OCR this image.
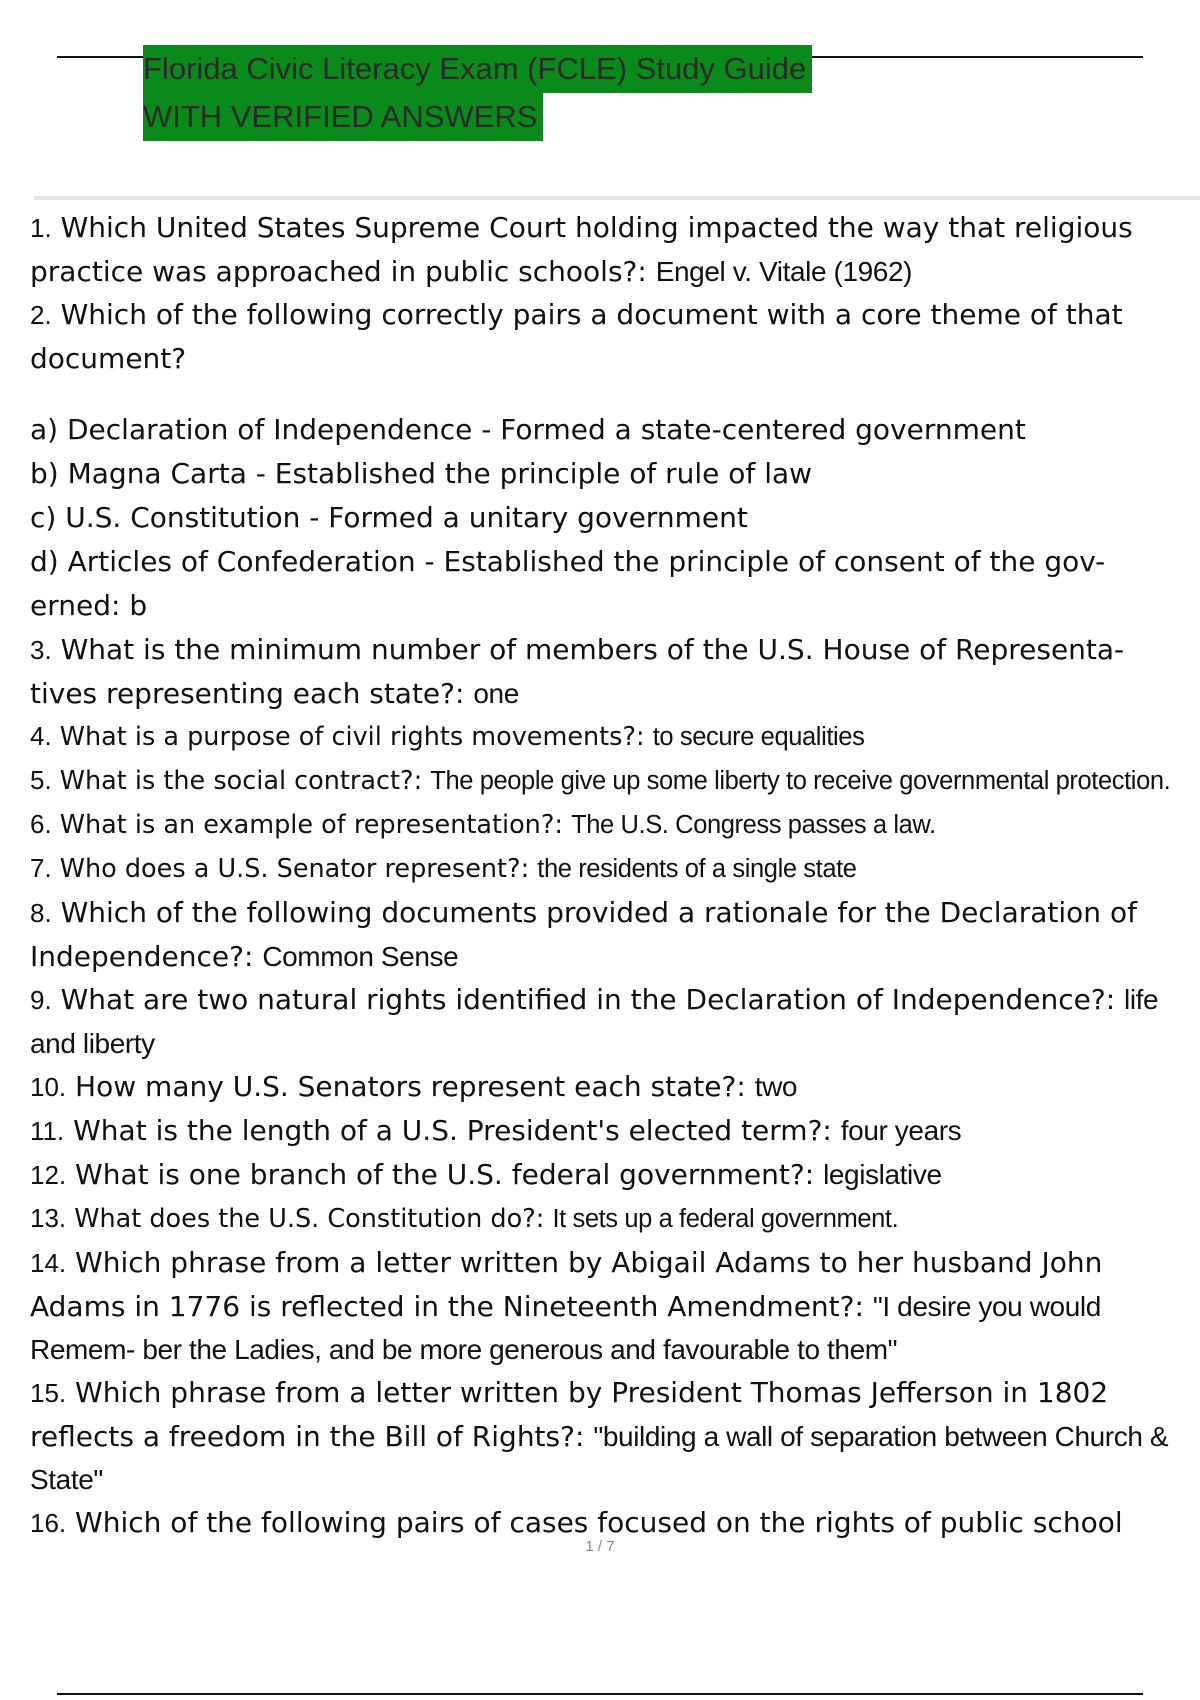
Florida Civic Literacy Exam (FCLE) Study Guide
WITH VERIFIED ANSWERS

1. Which United States Supreme Court holding impacted the way that religious practice was approached in public schools?: Engel v. Vitale (1962)

2. Which of the following correctly pairs a document with a core theme of that document?

a) Declaration of Independence - Formed a state-centered government

b) Magna Carta - Established the principle of rule of law

c) U.S. Constitution - Formed a unitary government

d) Articles of Confederation - Established the principle of consent of the gov- erned: b

3. What is the minimum number of members of the U.S. House of Representa- tives representing each state?: one

4. What is a purpose of civil rights movements?: to secure equalities

5. What is the social contract?: The people give up some liberty to receive governmental protection.

6. What is an example of representation?: The U.S. Congress passes a law.

7. Who does a U.S. Senator represent?: the residents of a single state

8. Which of the following documents provided a rationale for the Declaration of Independence?: Common Sense

9. What are two natural rights identified in the Declaration of Independence?: life and liberty

10. How many U.S. Senators represent each state?: two

11. What is the length of a U.S. President's elected term?: four years

12. What is one branch of the U.S. federal government?: legislative

13. What does the U.S. Constitution do?: It sets up a federal government.

14. Which phrase from a letter written by Abigail Adams to her husband John Adams in 1776 is reflected in the Nineteenth Amendment?: "I desire you would Remem- ber the Ladies, and be more generous and favourable to them"

15. Which phrase from a letter written by President Thomas Jefferson in 1802 reflects a freedom in the Bill of Rights?: "building a wall of separation between Church & State"

16. Which of the following pairs of cases focused on the rights of public school

1 / 7
